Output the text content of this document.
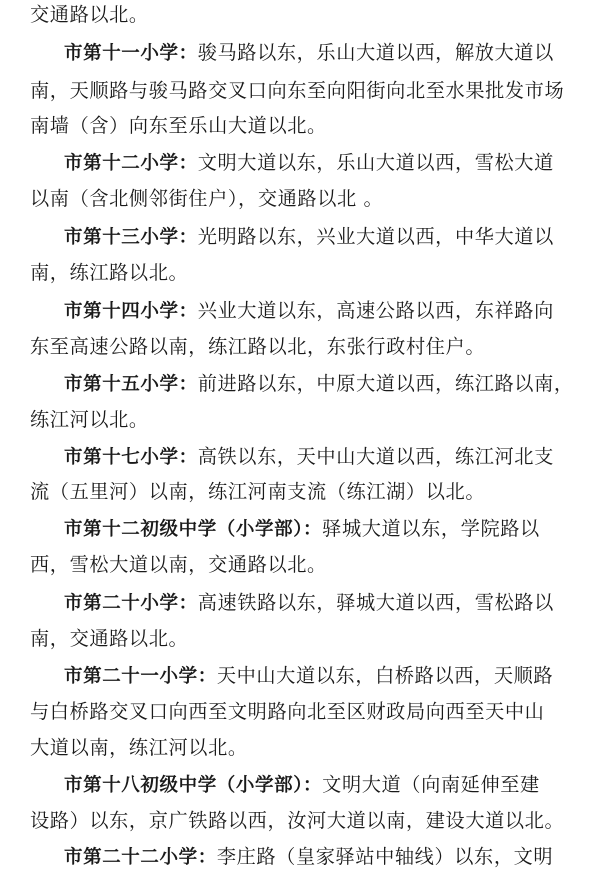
交通路以北。
市第十一小学：骏马路以东，乐山大道以西，解放大道以
南，天顺路与骏马路交叉口向东至向阳街向北至水果批发市场
南墙（含）向东至乐山大道以北。
市第十二小学：文明大道以东，乐山大道以西，雪松大道
以南（含北侧邻街住户），交通路以北 。
市第十三小学：光明路以东，兴业大道以西，中华大道以
南，练江路以北。
市第十四小学：兴业大道以东，高速公路以西，东祥路向
东至高速公路以南，练江路以北，东张行政村住户。
市第十五小学：前进路以东，中原大道以西，练江路以南，
练江河以北。
市第十七小学：高铁以东，天中山大道以西，练江河北支
流（五里河）以南，练江河南支流（练江湖）以北。
市第十二初级中学（小学部）：驿城大道以东，学院路以
西，雪松大道以南，交通路以北。
市第二十小学：高速铁路以东，驿城大道以西，雪松路以
南，交通路以北。
市第二十一小学：天中山大道以东，白桥路以西，天顺路
与白桥路交叉口向西至文明路向北至区财政局向西至天中山
大道以南，练江河以北。
市第十八初级中学（小学部）：文明大道（向南延伸至建
设路）以东，京广铁路以西，汝河大道以南，建设大道以北。
市第二十二小学：李庄路（皇家驿站中轴线）以东，文明
